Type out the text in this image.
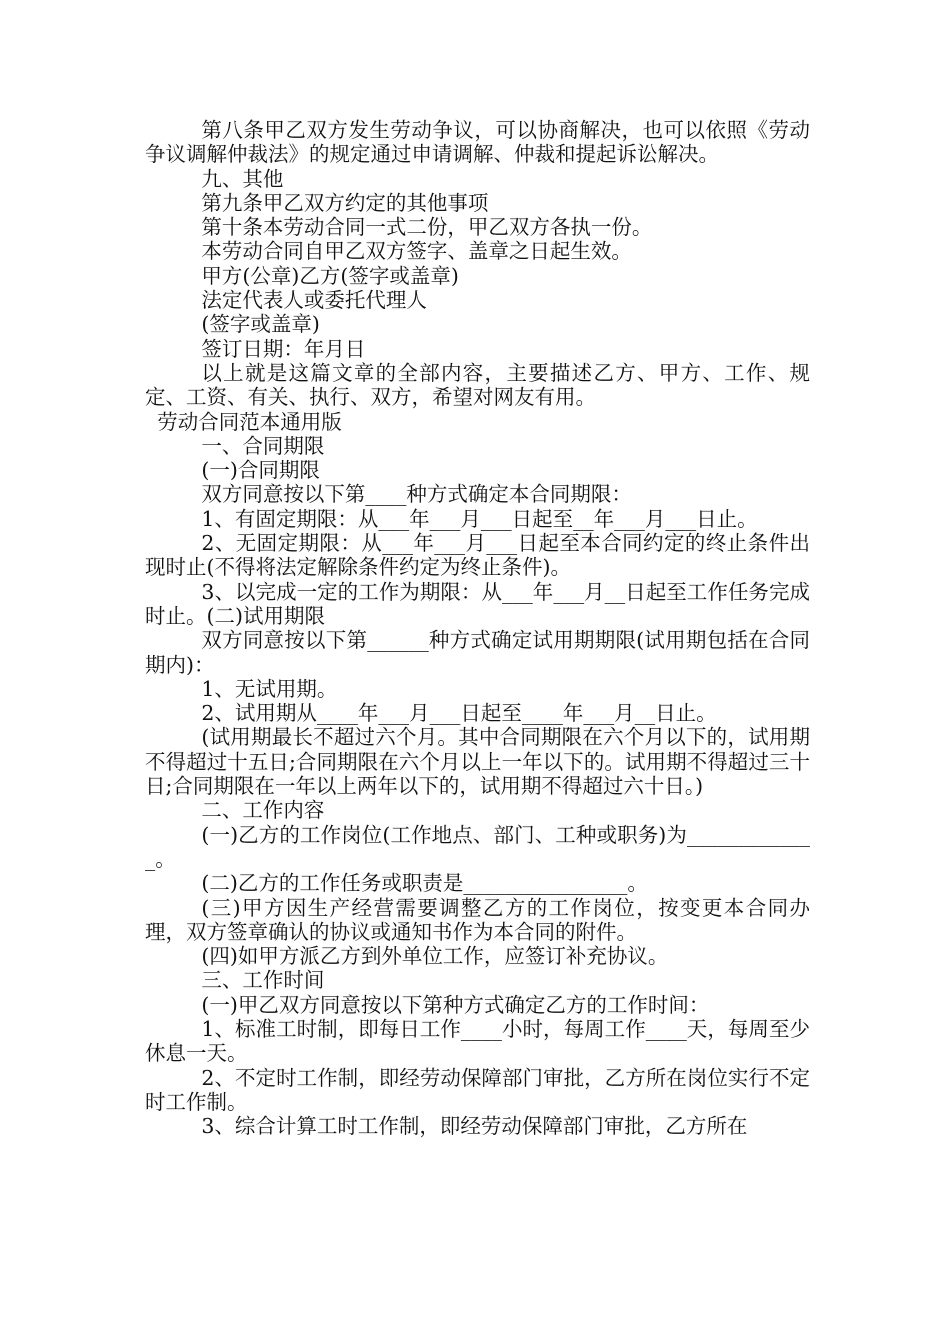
第八条甲乙双方发生劳动争议，可以协商解决，也可以依照《劳动争议调解仲裁法》的规定通过申请调解、仲裁和提起诉讼解决。

九、其他

第九条甲乙双方约定的其他事项

第十条本劳动合同一式二份，甲乙双方各执一份。

本劳动合同自甲乙双方签字、盖章之日起生效。

甲方(公章)乙方(签字或盖章)

法定代表人或委托代理人

(签字或盖章)

签订日期：年月日

以上就是这篇文章的全部内容，主要描述乙方、甲方、工作、规定、工资、有关、执行、双方，希望对网友有用。

劳动合同范本通用版

一、合同期限

(一)合同期限

双方同意按以下第____种方式确定本合同期限：

1、有固定期限：从___年___月___日起至__年___月___日止。

2、无固定期限：从___年___月___日起至本合同约定的终止条件出现时止(不得将法定解除条件约定为终止条件)。

3、以完成一定的工作为期限：从___年___月__日起至工作任务完成时止。(二)试用期限

双方同意按以下第______种方式确定试用期期限(试用期包括在合同期内)：

1、无试用期。

2、试用期从____年___月___日起至____年___月__日止。

(试用期最长不超过六个月。其中合同期限在六个月以下的，试用期不得超过十五日;合同期限在六个月以上一年以下的。试用期不得超过三十日;合同期限在一年以上两年以下的，试用期不得超过六十日。)

二、工作内容

(一)乙方的工作岗位(工作地点、部门、工种或职务)为_____________。

(二)乙方的工作任务或职责是________________。

(三)甲方因生产经营需要调整乙方的工作岗位，按变更本合同办理，双方签章确认的协议或通知书作为本合同的附件。

(四)如甲方派乙方到外单位工作，应签订补充协议。

三、工作时间

(一)甲乙双方同意按以下第种方式确定乙方的工作时间：

1、标准工时制，即每日工作____小时，每周工作____天，每周至少休息一天。

2、不定时工作制，即经劳动保障部门审批，乙方所在岗位实行不定时工作制。

3、综合计算工时工作制，即经劳动保障部门审批，乙方所在
